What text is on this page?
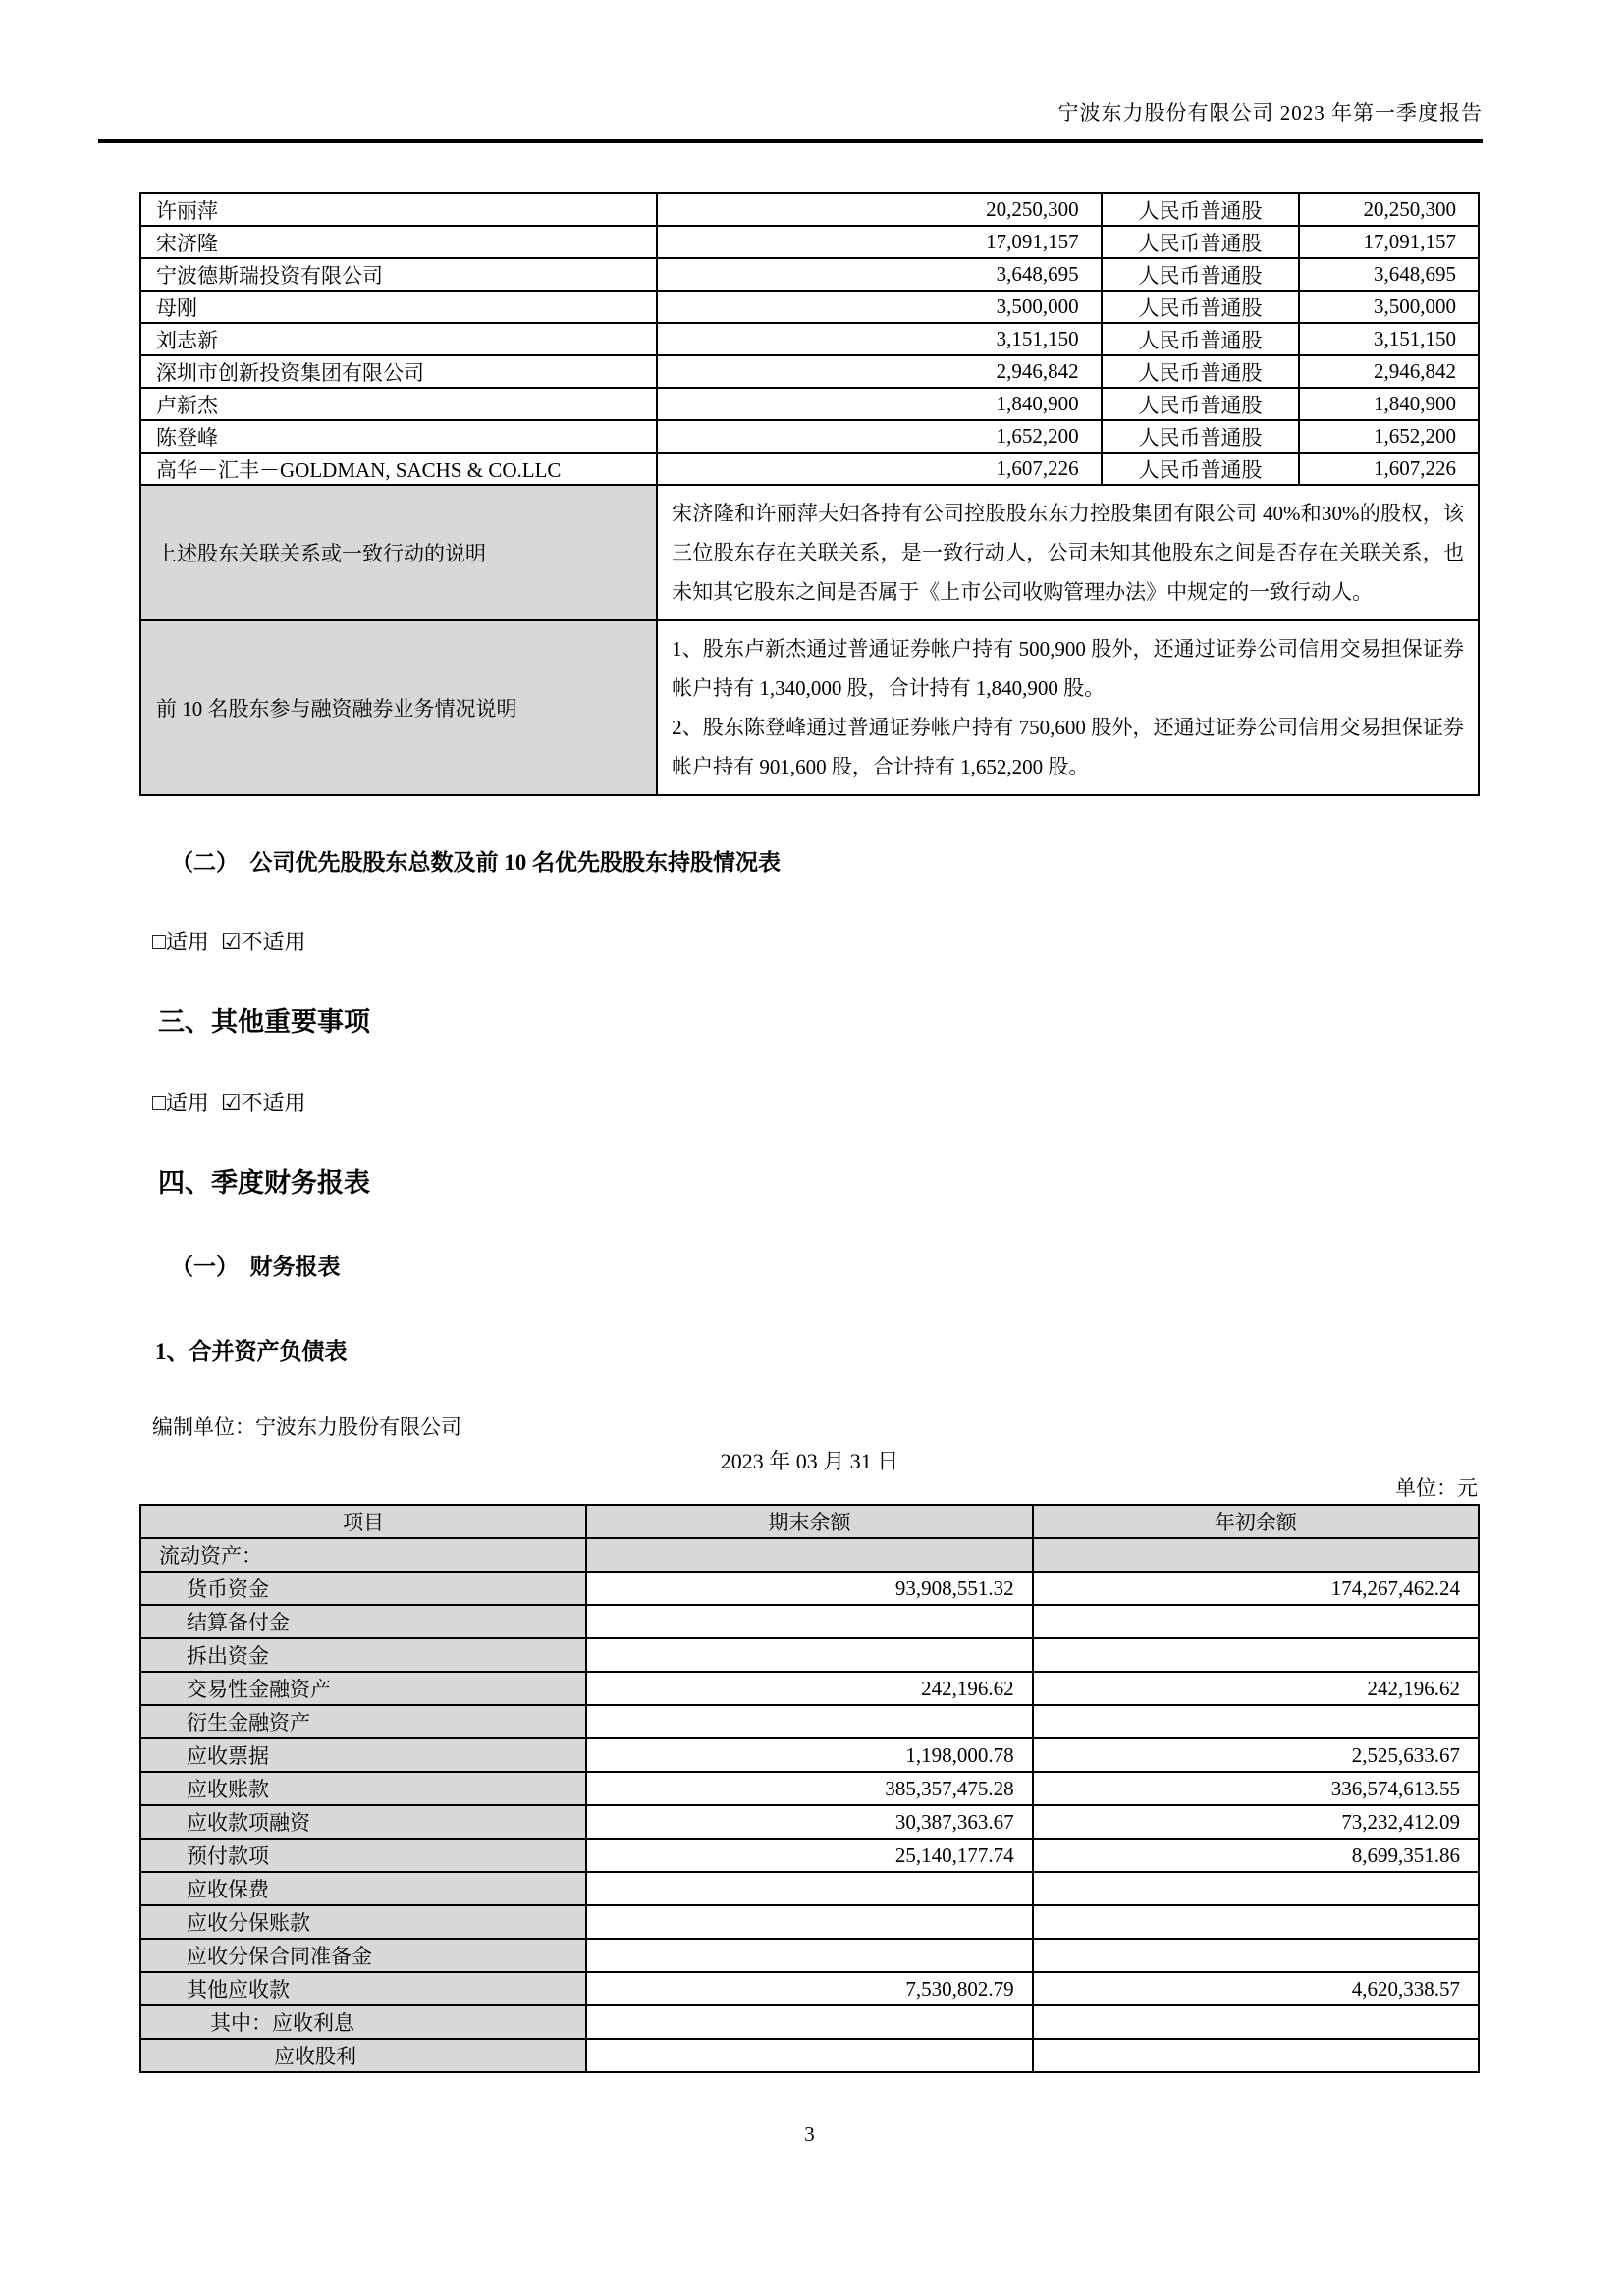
宁波东力股份有限公司 2023 年第一季度报告
许丽萍	20,250,300	人民币普通股	20,250,300
宋济隆	17,091,157	人民币普通股	17,091,157
宁波德斯瑞投资有限公司	3,648,695	人民币普通股	3,648,695
母刚	3,500,000	人民币普通股	3,500,000
刘志新	3,151,150	人民币普通股	3,151,150
深圳市创新投资集团有限公司	2,946,842	人民币普通股	2,946,842
卢新杰	1,840,900	人民币普通股	1,840,900
陈登峰	1,652,200	人民币普通股	1,652,200
高华－汇丰－GOLDMAN, SACHS & CO.LLC	1,607,226	人民币普通股	1,607,226
上述股东关联关系或一致行动的说明	宋济隆和许丽萍夫妇各持有公司控股股东东力控股集团有限公司 40%和30%的股权，该三位股东存在关联关系，是一致行动人，公司未知其他股东之间是否存在关联关系，也未知其它股东之间是否属于《上市公司收购管理办法》中规定的一致行动人。		

前 10 名股东参与融资融券业务情况说明	1、股东卢新杰通过普通证券帐户持有 500,900 股外，还通过证券公司信用交易担保证券帐户持有 1,340,000 股，合计持有 1,840,900 股。

2、股东陈登峰通过普通证券帐户持有 750,600 股外，还通过证券公司信用交易担保证券帐户持有 901,600 股，合计持有 1,652,200 股。		

（二）　公司优先股股东总数及前 10 名优先股股东持股情况表
□适用 ☑不适用
三、其他重要事项
□适用 ☑不适用
四、季度财务报表
（一）　财务报表
1、合并资产负债表
编制单位：宁波东力股份有限公司
2023 年 03 月 31 日
单位：元
项目	期末余额	年初余额
流动资产：		
货币资金	93,908,551.32	174,267,462.24
结算备付金		
拆出资金		
交易性金融资产	242,196.62	242,196.62
衍生金融资产		
应收票据	1,198,000.78	2,525,633.67
应收账款	385,357,475.28	336,574,613.55
应收款项融资	30,387,363.67	73,232,412.09
预付款项	25,140,177.74	8,699,351.86
应收保费		
应收分保账款		
应收分保合同准备金		
其他应收款	7,530,802.79	4,620,338.57
其中：应收利息		
应收股利		
3
